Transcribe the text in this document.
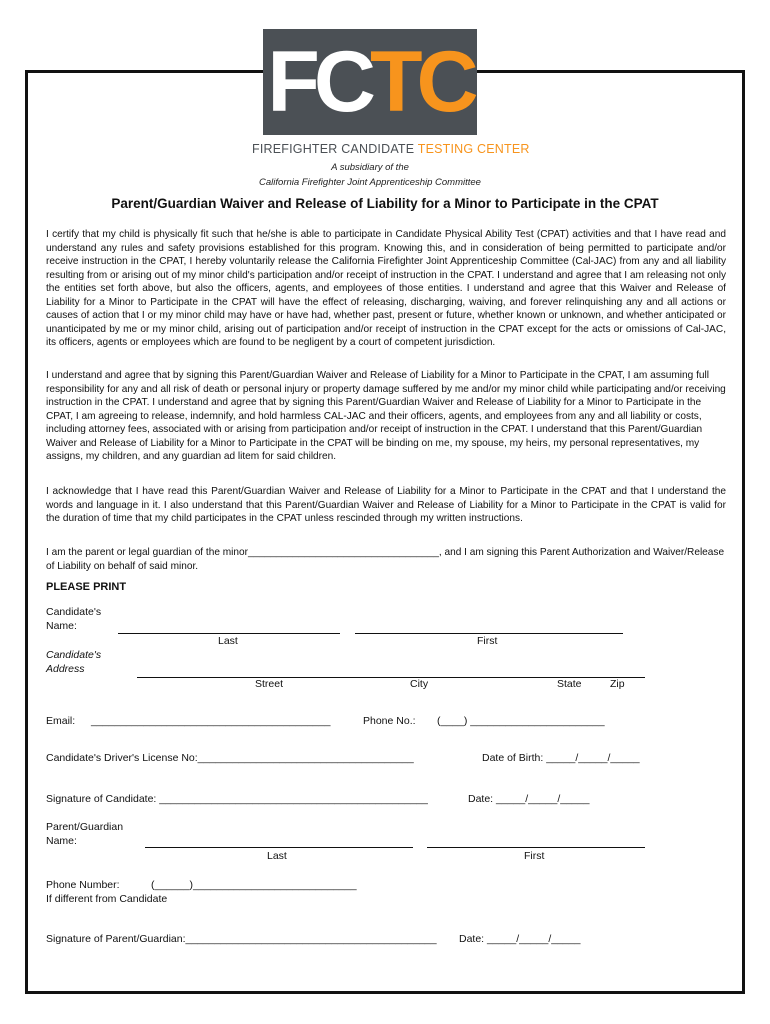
FC TC
FIREFIGHTER CANDIDATE TESTING CENTER
A subsidiary of the
California Firefighter Joint Apprenticeship Committee
Parent/Guardian Waiver and Release of Liability for a Minor to Participate in the CPAT

I certify that my child is physically fit such that he/she is able to participate in Candidate Physical Ability Test (CPAT) activities and that I have read and understand any rules and safety provisions established for this program. Knowing this, and in consideration of being permitted to participate and/or receive instruction in the CPAT, I hereby voluntarily release the California Firefighter Joint Apprenticeship Committee (Cal-JAC) from any and all liability resulting from or arising out of my minor child's participation and/or receipt of instruction in the CPAT. I understand and agree that I am releasing not only the entities set forth above, but also the officers, agents, and employees of those entities. I understand and agree that this Waiver and Release of Liability for a Minor to Participate in the CPAT will have the effect of releasing, discharging, waiving, and forever relinquishing any and all actions or causes of action that I or my minor child may have or have had, whether past, present or future, whether known or unknown, and whether anticipated or unanticipated by me or my minor child, arising out of participation and/or receipt of instruction in the CPAT except for the acts or omissions of Cal-JAC, its officers, agents or employees which are found to be negligent by a court of competent jurisdiction.

I understand and agree that by signing this Parent/Guardian Waiver and Release of Liability for a Minor to Participate in the CPAT, I am assuming full responsibility for any and all risk of death or personal injury or property damage suffered by me and/or my minor child while participating and/or receiving instruction in the CPAT. I understand and agree that by signing this Parent/Guardian Waiver and Release of Liability for a Minor to Participate in the CPAT, I am agreeing to release, indemnify, and hold harmless CAL-JAC and their officers, agents, and employees from any and all liability or costs, including attorney fees, associated with or arising from participation and/or receipt of instruction in the CPAT. I understand that this Parent/Guardian Waiver and Release of Liability for a Minor to Participate in the CPAT will be binding on me, my spouse, my heirs, my personal representatives, my assigns, my children, and any guardian ad litem for said children.

I acknowledge that I have read this Parent/Guardian Waiver and Release of Liability for a Minor to Participate in the CPAT and that I understand the words and language in it. I also understand that this Parent/Guardian Waiver and Release of Liability for a Minor to Participate in the CPAT is valid for the duration of time that my child participates in the CPAT unless rescinded through my written instructions.

I am the parent or legal guardian of the minor__________________________________, and I am signing this Parent Authorization and Waiver/Release of Liability on behalf of said minor.

PLEASE PRINT
Candidate's
Name:
Last	First
Candidate's
Address
Street	City	State	Zip
Email: _________________________________________	Phone No.: (____) _______________________
Candidate's Driver's License No:_____________________________________	Date of Birth: _____/_____/_____
Signature of Candidate: ______________________________________________	Date: _____/_____/_____
Parent/Guardian
Name:
Last	First
Phone Number:	(______)____________________________
If different from Candidate
Signature of Parent/Guardian:___________________________________________ Date: _____/_____/_____
